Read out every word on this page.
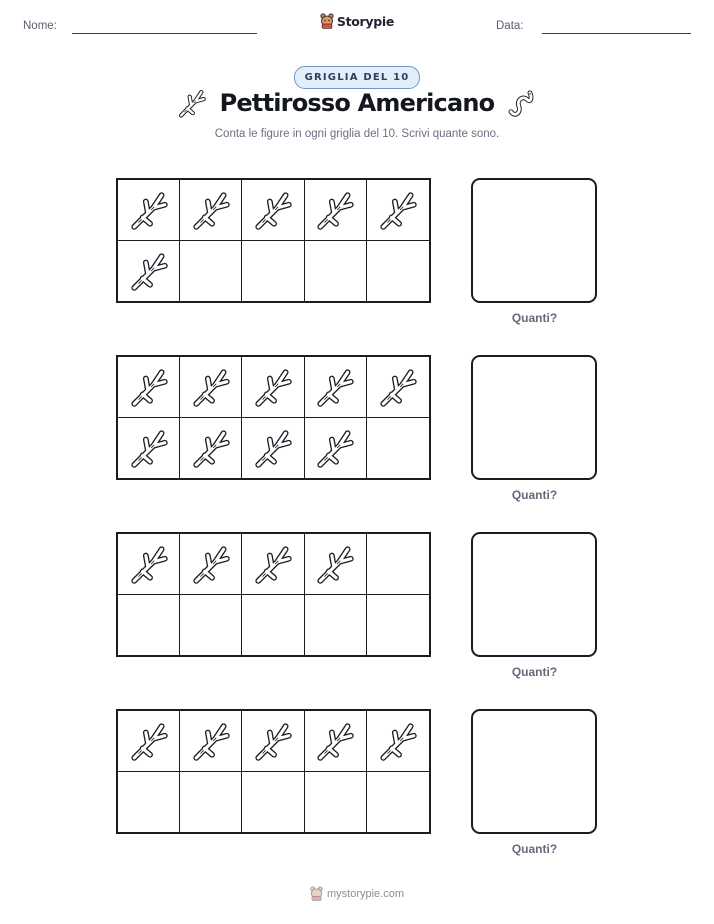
Nome:	Storypie	Data:
GRIGLIA DEL 10
Pettirosso Americano
Conta le figure in ogni griglia del 10. Scrivi quante sono.
Quanti?
Quanti?
Quanti?
Quanti?
mystorypie.com
